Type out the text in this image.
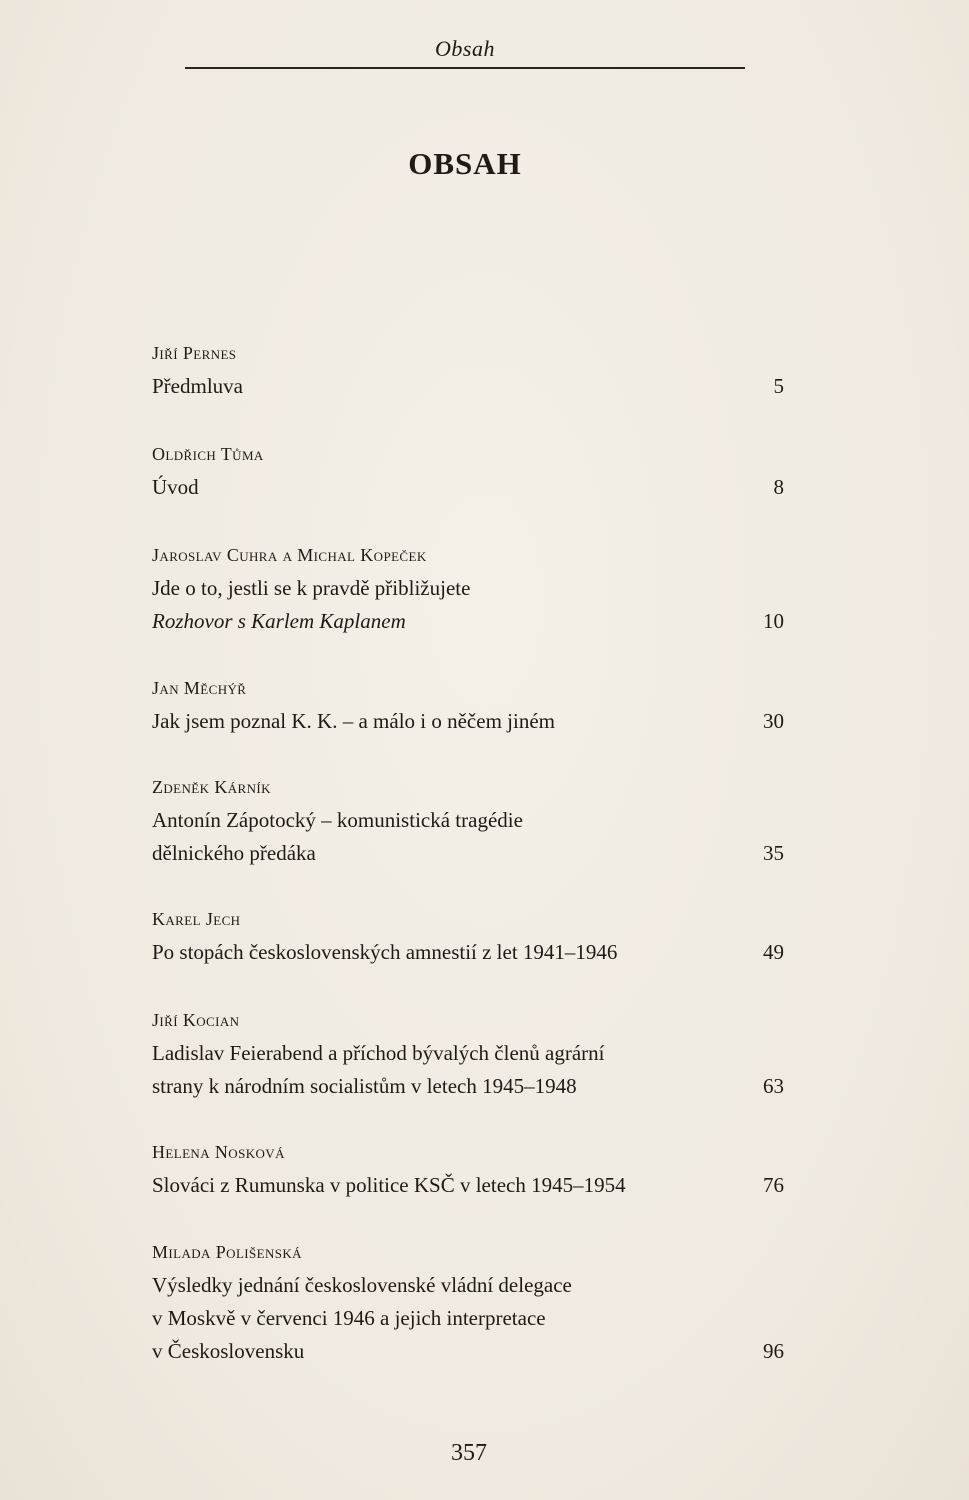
Obsah
OBSAH
Jiří Pernes
Předmluva	5
Oldřich Tůma
Úvod	8
Jaroslav Cuhra a Michal Kopeček
Jde o to, jestli se k pravdě přibližujete
Rozhovor s Karlem Kaplanem	10
Jan Měchýř
Jak jsem poznal K. K. – a málo i o něčem jiném	30
Zdeněk Kárník
Antonín Zápotocký – komunistická tragédie
dělnického předáka	35
Karel Jech
Po stopách československých amnestií z let 1941–1946	49
Jiří Kocian
Ladislav Feierabend a příchod bývalých členů agrární
strany k národním socialistům v letech 1945–1948	63
Helena Nosková
Slováci z Rumunska v politice KSČ v letech 1945–1954	76
Milada Polišenská
Výsledky jednání československé vládní delegace
v Moskvě v červenci 1946 a jejich interpretace
v Československu	96
357
